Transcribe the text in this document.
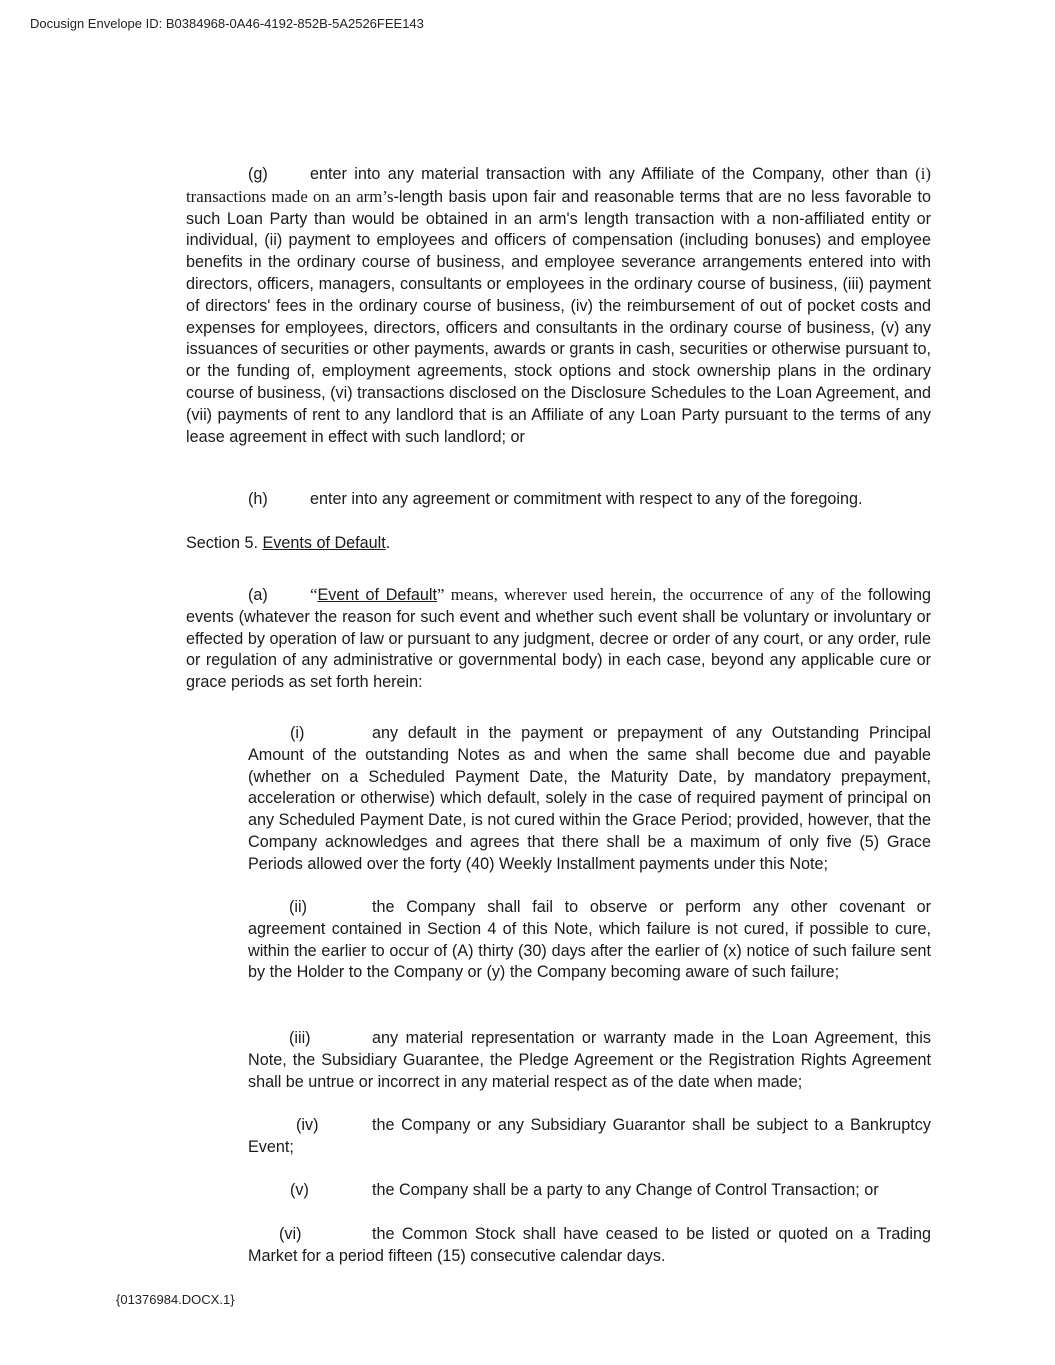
Docusign Envelope ID: B0384968-0A46-4192-852B-5A2526FEE143

(g)	enter into any material transaction with any Affiliate of the Company, other than (i) transactions made on an arm’s-length basis upon fair and reasonable terms that are no less favorable to such Loan Party than would be obtained in an arm's length transaction with a non-affiliated entity or individual, (ii) payment to employees and officers of compensation (including bonuses) and employee benefits in the ordinary course of business, and employee severance arrangements entered into with directors, officers, managers, consultants or employees in the ordinary course of business, (iii) payment of directors' fees in the ordinary course of business, (iv) the reimbursement of out of pocket costs and expenses for employees, directors, officers and consultants in the ordinary course of business, (v) any issuances of securities or other payments, awards or grants in cash, securities or otherwise pursuant to, or the funding of, employment agreements, stock options and stock ownership plans in the ordinary course of business, (vi) transactions disclosed on the Disclosure Schedules to the Loan Agreement, and (vii) payments of rent to any landlord that is an Affiliate of any Loan Party pursuant to the terms of any lease agreement in effect with such landlord; or

(h)	enter into any agreement or commitment with respect to any of the foregoing.

Section 5. Events of Default.

(a)	“Event of Default” means, wherever used herein, the occurrence of any of the following events (whatever the reason for such event and whether such event shall be voluntary or involuntary or effected by operation of law or pursuant to any judgment, decree or order of any court, or any order, rule or regulation of any administrative or governmental body) in each case, beyond any applicable cure or grace periods as set forth herein:

(i)	any default in the payment or prepayment of any Outstanding Principal Amount of the outstanding Notes as and when the same shall become due and payable (whether on a Scheduled Payment Date, the Maturity Date, by mandatory prepayment, acceleration or otherwise) which default, solely in the case of required payment of principal on any Scheduled Payment Date, is not cured within the Grace Period; provided, however, that the Company acknowledges and agrees that there shall be a maximum of only five (5) Grace Periods allowed over the forty (40) Weekly Installment payments under this Note;

(ii)	the Company shall fail to observe or perform any other covenant or agreement contained in Section 4 of this Note, which failure is not cured, if possible to cure, within the earlier to occur of (A) thirty (30) days after the earlier of (x) notice of such failure sent by the Holder to the Company or (y) the Company becoming aware of such failure;

(iii)	any material representation or warranty made in the Loan Agreement, this Note, the Subsidiary Guarantee, the Pledge Agreement or the Registration Rights Agreement shall be untrue or incorrect in any material respect as of the date when made;

(iv)	the Company or any Subsidiary Guarantor shall be subject to a Bankruptcy Event;

(v)	the Company shall be a party to any Change of Control Transaction; or

(vi)	the Common Stock shall have ceased to be listed or quoted on a Trading Market for a period fifteen (15) consecutive calendar days.

{01376984.DOCX.1}
